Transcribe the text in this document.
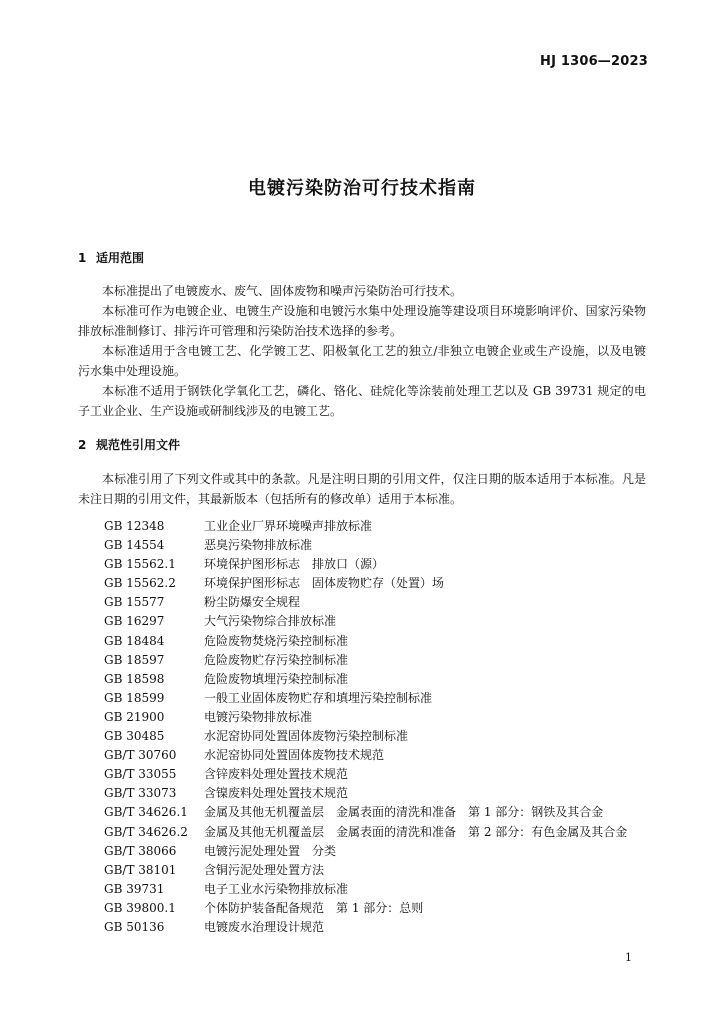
HJ 1306—2023
电镀污染防治可行技术指南
1 适用范围

本标准提出了电镀废水、废气、固体废物和噪声污染防治可行技术。

本标准可作为电镀企业、电镀生产设施和电镀污水集中处理设施等建设项目环境影响评价、国家污染物排放标准制修订、排污许可管理和污染防治技术选择的参考。

本标准适用于含电镀工艺、化学镀工艺、阳极氧化工艺的独立/非独立电镀企业或生产设施，以及电镀污水集中处理设施。

本标准不适用于钢铁化学氧化工艺，磷化、铬化、硅烷化等涂装前处理工艺以及 GB 39731 规定的电子工业企业、生产设施或研制线涉及的电镀工艺。

2 规范性引用文件

本标准引用了下列文件或其中的条款。凡是注明日期的引用文件，仅注日期的版本适用于本标准。凡是未注日期的引用文件，其最新版本（包括所有的修改单）适用于本标准。

GB 12348	工业企业厂界环境噪声排放标准
GB 14554	恶臭污染物排放标准
GB 15562.1 环境保护图形标志　排放口（源）
GB 15562.2 环境保护图形标志　固体废物贮存（处置）场
GB 15577	粉尘防爆安全规程
GB 16297	大气污染物综合排放标准
GB 18484	危险废物焚烧污染控制标准
GB 18597	危险废物贮存污染控制标准
GB 18598	危险废物填埋污染控制标准
GB 18599	一般工业固体废物贮存和填埋污染控制标准
GB 21900	电镀污染物排放标准
GB 30485	水泥窑协同处置固体废物污染控制标准
GB/T 30760 水泥窑协同处置固体废物技术规范
GB/T 33055 含锌废料处理处置技术规范
GB/T 33073 含镍废料处理处置技术规范
GB/T 34626.1 金属及其他无机覆盖层　金属表面的清洗和准备　第 1 部分：钢铁及其合金
GB/T 34626.2 金属及其他无机覆盖层　金属表面的清洗和准备　第 2 部分：有色金属及其合金
GB/T 38066 电镀污泥处理处置　分类
GB/T 38101 含铜污泥处理处置方法
GB 39731	电子工业水污染物排放标准
GB 39800.1 个体防护装备配备规范　第 1 部分：总则
GB 50136	电镀废水治理设计规范
1
